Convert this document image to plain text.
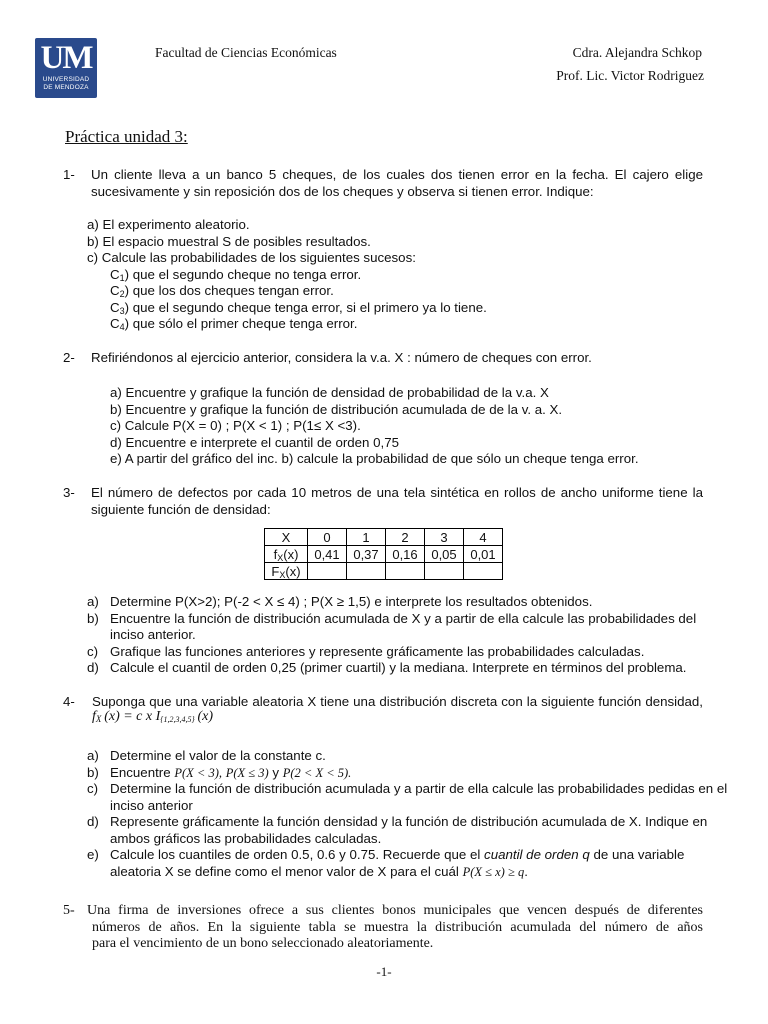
UM
UNIVERSIDAD
DE MENDOZA
Facultad de Ciencias Económicas	Cdra. Alejandra Schkop
Prof. Lic. Victor Rodriguez
Práctica unidad 3:
1- Un cliente lleva a un banco 5 cheques, de los cuales dos tienen error en la fecha. El cajero elige
sucesivamente y sin reposición dos de los cheques y observa si tienen error. Indique:
a) El experimento aleatorio.
b) El espacio muestral S de posibles resultados.
c) Calcule las probabilidades de los siguientes sucesos:
$C_1$) que el segundo cheque no tenga error.
$C_2$) que los dos cheques tengan error.
$C_3$) que el segundo cheque tenga error, si el primero ya lo tiene.
$C_4$) que sólo el primer cheque tenga error.
2- Refiriéndonos al ejercicio anterior, considera la v.a. X : número de cheques con error.
a) Encuentre y grafique la función de densidad de probabilidad de la v.a. X
b) Encuentre y grafique la función de distribución acumulada de de la v. a. X.
c) Calcule P(X = 0) ; P(X < 1) ; P(1≤ X <3).
d) Encuentre e interprete el cuantil de orden 0,75
e) A partir del gráfico del inc. b) calcule la probabilidad de que sólo un cheque tenga error.
3- El número de defectos por cada 10 metros de una tela sintética en rollos de ancho uniforme tiene la
siguiente función de densidad:
X	0	1	2	3	4
$f_X(x)$	0,41	0,37	0,16	0,05	0,01
$F_X(x)$					
a) Determine P(X>2); P(-2 < X ≤ 4) ; P(X ≥ 1,5) e interprete los resultados obtenidos.
b) Encuentre la función de distribución acumulada de X y a partir de ella calcule las probabilidades del
inciso anterior.
c) Grafique las funciones anteriores y represente gráficamente las probabilidades calculadas.
d) Calcule el cuantil de orden 0,25 (primer cuartil) y la mediana. Interprete en términos del problema.
4- Suponga que una variable aleatoria X tiene una distribución discreta con la siguiente función densidad,
$f_X$ (x) = c x $I_{\{1,2,3,4,5\}}$ (x)
a) Determine el valor de la constante c.
b) Encuentre P(X < 3), P(X ≤ 3) y P(2 < X < 5).
c) Determine la función de distribución acumulada y a partir de ella calcule las probabilidades pedidas en el
inciso anterior
d) Represente gráficamente la función densidad y la función de distribución acumulada de X. Indique en
ambos gráficos las probabilidades calculadas.
e) Calcule los cuantiles de orden 0.5, 0.6 y 0.75. Recuerde que el cuantil de orden q de una variable
aleatoria X se define como el menor valor de X para el cuál P(X ≤ x) ≥ q.
5- Una firma de inversiones ofrece a sus clientes bonos municipales que vencen después de diferentes
números de años. En la siguiente tabla se muestra la distribución acumulada del número de años
para el vencimiento de un bono seleccionado aleatoriamente.
-1-
